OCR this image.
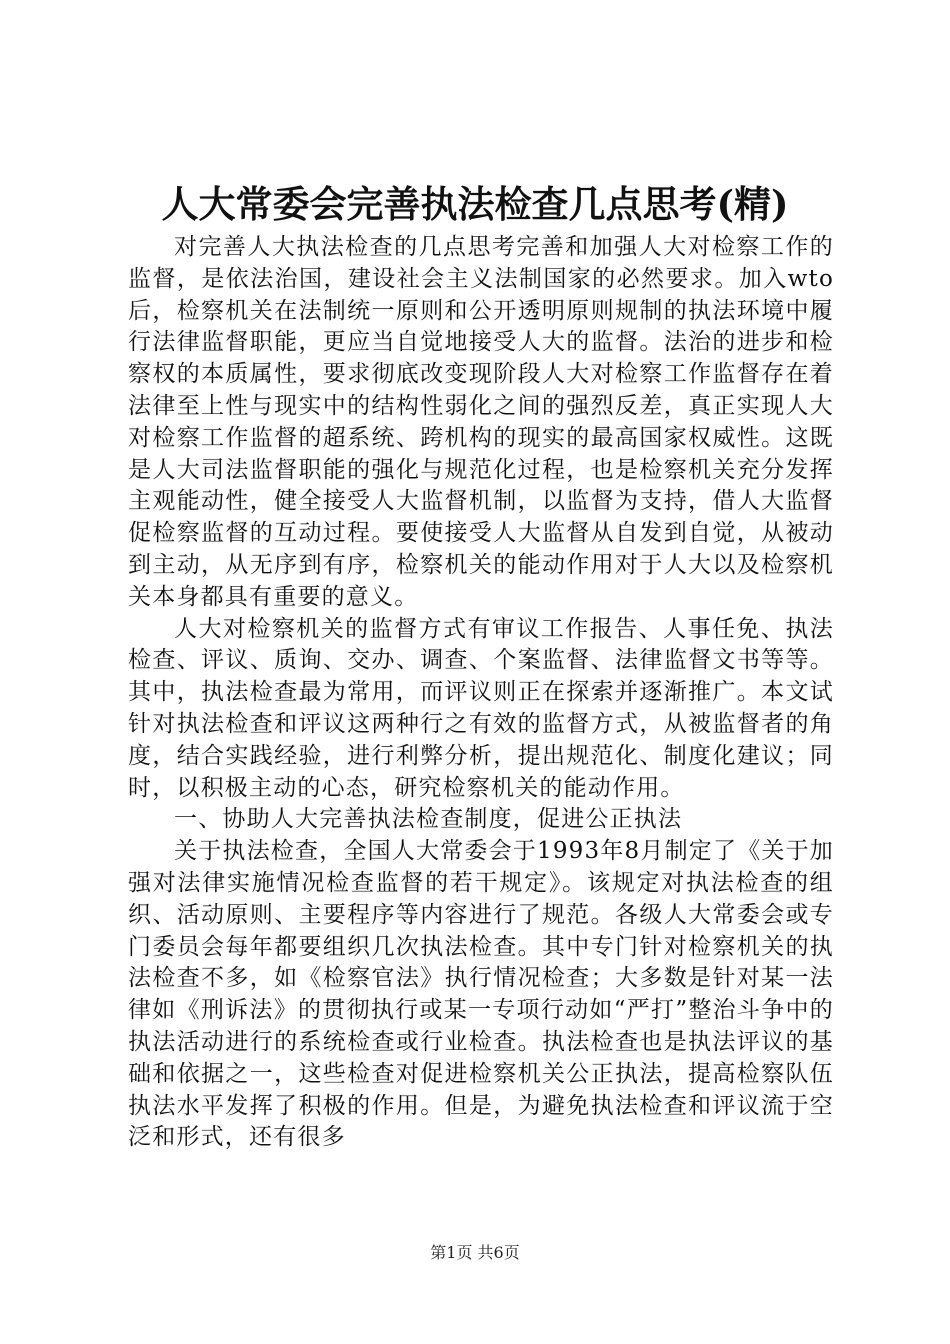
人大常委会完善执法检查几点思考(精)

对完善人大执法检查的几点思考完善和加强人大对检察工作的监督，是依法治国，建设社会主义法制国家的必然要求。加入wto后，检察机关在法制统一原则和公开透明原则规制的执法环境中履行法律监督职能，更应当自觉地接受人大的监督。法治的进步和检察权的本质属性，要求彻底改变现阶段人大对检察工作监督存在着法律至上性与现实中的结构性弱化之间的强烈反差，真正实现人大对检察工作监督的超系统、跨机构的现实的最高国家权威性。这既是人大司法监督职能的强化与规范化过程，也是检察机关充分发挥主观能动性，健全接受人大监督机制，以监督为支持，借人大监督促检察监督的互动过程。要使接受人大监督从自发到自觉，从被动到主动，从无序到有序，检察机关的能动作用对于人大以及检察机关本身都具有重要的意义。

人大对检察机关的监督方式有审议工作报告、人事任免、执法检查、评议、质询、交办、调查、个案监督、法律监督文书等等。其中，执法检查最为常用，而评议则正在探索并逐渐推广。本文试针对执法检查和评议这两种行之有效的监督方式，从被监督者的角度，结合实践经验，进行利弊分析，提出规范化、制度化建议；同时，以积极主动的心态，研究检察机关的能动作用。

一、协助人大完善执法检查制度，促进公正执法

关于执法检查，全国人大常委会于1993年8月制定了《关于加强对法律实施情况检查监督的若干规定》。该规定对执法检查的组织、活动原则、主要程序等内容进行了规范。各级人大常委会或专门委员会每年都要组织几次执法检查。其中专门针对检察机关的执法检查不多，如《检察官法》执行情况检查；大多数是针对某一法律如《刑诉法》的贯彻执行或某一专项行动如“严打”整治斗争中的执法活动进行的系统检查或行业检查。执法检查也是执法评议的基础和依据之一，这些检查对促进检察机关公正执法，提高检察队伍执法水平发挥了积极的作用。但是，为避免执法检查和评议流于空泛和形式，还有很多

第1页 共6页
